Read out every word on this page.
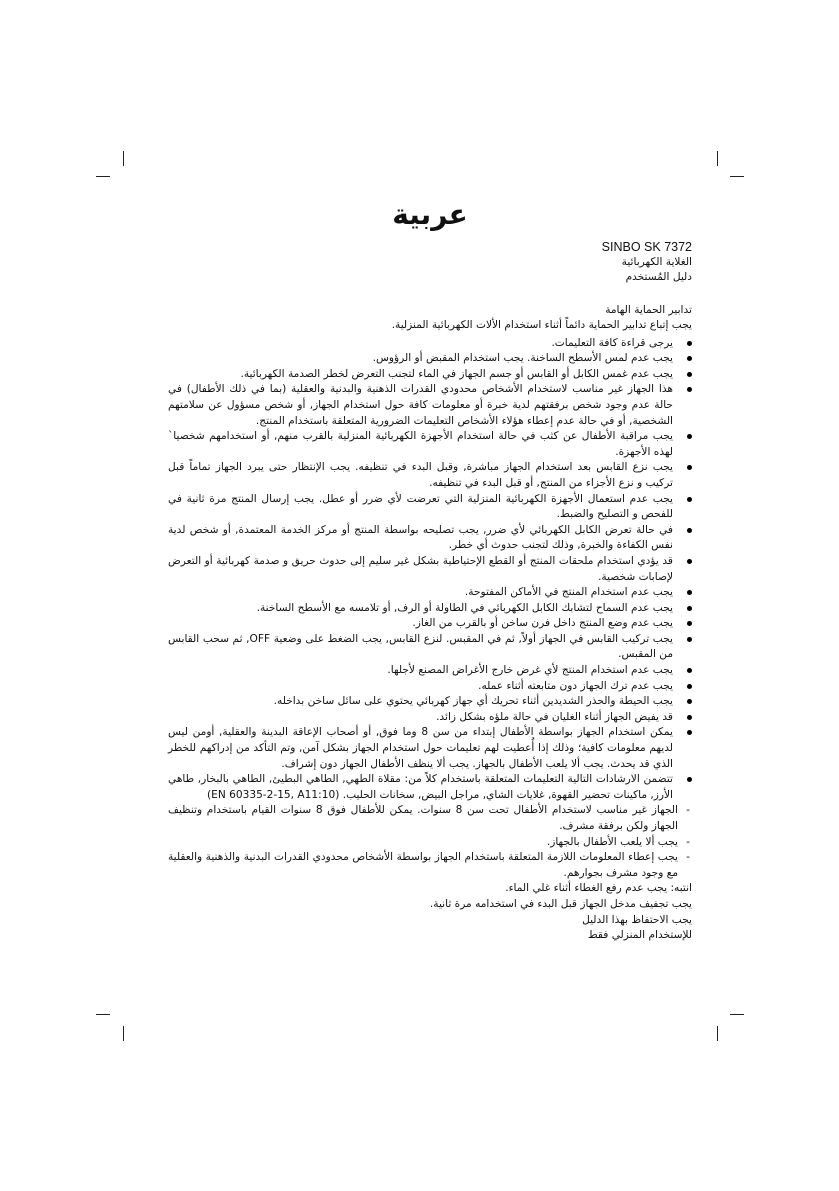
عربية
SINBO SK 7372
الغلاية الكهربائية
دليل المُستخدم
تدابير الحماية الهامة
يجب إتباع تدابير الحماية دائماً أثناء استخدام الألات الكهربائية المنزلية.
يرجى قراءة كافة التعليمات.
يجب عدم لمس الأسطح الساخنة. يجب استخدام المقبض أو الرؤوس.
يجب عدم غمس الكابل أو القابس أو جسم الجهاز في الماء لتجنب التعرض لخطر الصدمة الكهربائية.
هذا الجهاز غير مناسب لاستخدام الأشخاص محدودي القدرات الذهنية والبدنية والعقلية (بما في ذلك الأطفال) في حالة عدم وجود شخص برفقتهم لدية خبرة أو معلومات كافة حول استخدام الجهاز, أو شخص مسؤول عن سلامتهم الشخصية, أو في حالة عدم إعطاء هؤلاء الأشخاص التعليمات الضرورية المتعلقة باستخدام المنتج.
يجب مراقبة الأطفال عن كثب في حالة استخدام الأجهزة الكهربائية المنزلية بالقرب منهم, أو استخدامهم شخصيا` لهذه الأجهزة.
يجب نزع القابس بعد استخدام الجهاز مباشرة, وقبل البدء في تنظيفه. يجب الإنتظار حتى يبرد الجهاز تماماً قبل تركيب و نزع الأجزاء من المنتج, أو قبل البدء في تنظيفه.
يجب عدم استعمال الأجهزة الكهربائية المنزلية التي تعرضت لأي ضرر أو عطل. يجب إرسال المنتج مرة ثانية في للفحص و التصليح والضبط.
في حالة تعرض الكابل الكهربائي لأي ضرر, يجب تصليحه بواسطة المنتج أو مركز الخدمة المعتمدة, أو شخص لدية نفس الكفاءة والخبرة, وذلك لتجنب حدوث أي خطر.
قد يؤدي استخدام ملحقات المنتج أو القطع الإحتياطية بشكل غير سليم إلى حدوث حريق و صدمة كهربائية أو التعرض لإصابات شخصية.
يجب عدم استخدام المنتج في الأماكن المفتوحة.
يجب عدم السماح لتشابك الكابل الكهربائي في الطاولة أو الرف, أو تلامسه مع الأسطح الساخنة.
يجب عدم وضع المنتج داخل فرن ساخن أو بالقرب من الغاز.
يجب تركيب القابس في الجهاز أولاً, ثم في المقبس. لنزع القابس, يجب الضغط على وضعية OFF, ثم سحب القابس من المقبس.
يجب عدم استخدام المنتج لأي غرض خارج الأغراض المصنع لأجلها.
يجب عدم ترك الجهاز دون متابعته أثناء عمله.
يجب الحيطة والحذر الشديدين أثناء تحريك أي جهاز كهربائي يحتوي على سائل ساخن بداخله.
قد يفيض الجهاز أثناء الغليان في حالة ملؤه بشكل زائد.
يمكن استخدام الجهاز بواسطة الأطفال إبتداء من سن 8 وما فوق, أو أصحاب الإعاقة البدينة والعقلية, أومن ليس لديهم معلومات كافية؛ وذلك إذا أُعطيت لهم تعليمات حول استخدام الجهاز بشكل آمن, وتم التأكد من إدراكهم للخطر الذي قد يحدث. يجب ألا يلعب الأطفال بالجهاز. يجب ألا ينظف الأطفال الجهاز دون إشراف.
تتضمن الارشادات التالية التعليمات المتعلقة باستخدام كلاً من: مقلاة الطهي, الطاهي البطيئ, الطاهي بالبخار, طاهي الأرز, ماكينات تحضير القهوة, غلايات الشاي, مراجل البيض, سخانات الحليب. (EN 60335-2-15, A11:10)
-
الجهاز غير مناسب لاستخدام الأطفال تحت سن 8 سنوات. يمكن للأطفال فوق 8 سنوات القيام باستخدام وتنظيف الجهاز ولكن برفقة مشرف.
-
يجب ألا يلعب الأطفال بالجهاز.
-
يجب إعطاء المعلومات اللازمة المتعلقة باستخدام الجهاز بواسطة الأشخاص محدودي القدرات البدنية والذهنية والعقلية مع وجود مشرف بجوارهم.
انتبه: يجب عدم رفع الغطاء أثناء غلي الماء.
يجب تجفيف مدخل الجهاز قبل البدء في استخدامه مرة ثانية.
يجب الاحتفاظ بهذا الدليل
للإستخدام المنزلي فقط
